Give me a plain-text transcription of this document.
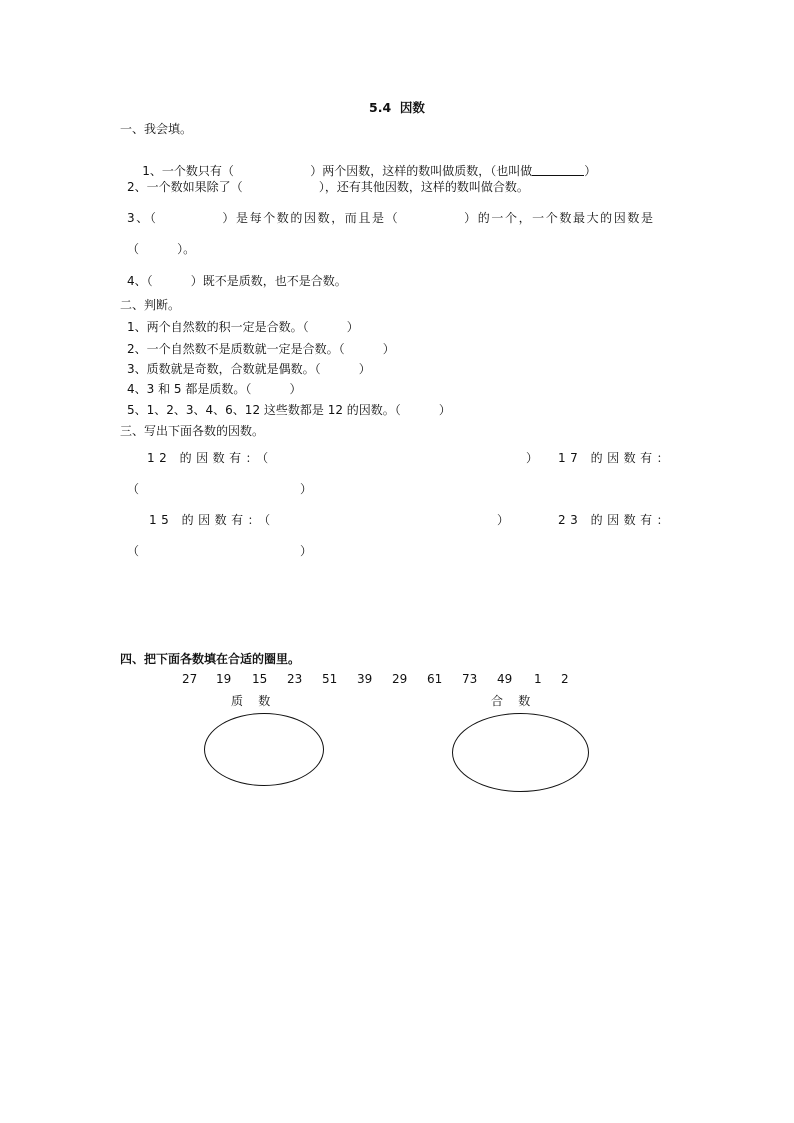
5.4  因数
一、我会填。

1、一个数只有（                    ）两个因数，这样的数叫做质数，（也叫做	）

2、一个数如果除了（                    ），还有其他因数，这样的数叫做合数。
3、（            ）是每个数的因数，而且是（            ）的一个，一个数最大的因数是
（          ）。
4、（          ）既不是质数，也不是合数。
二、判断。
1、两个自然数的积一定是合数。（          ）
2、一个自然数不是质数就一定是合数。（          ）
3、质数就是奇数，合数就是偶数。（          ）
4、3 和 5 都是质数。（          ）
5、1、2、3、4、6、12 这些数都是 12 的因数。（          ）
三、写出下面各数的因数。
12 的因数有：（	） 17 的因数有：
（	）
15 的因数有：（	）	23 的因数有：
（	）
四、把下面各数填在合适的圈里。
27 19 15 23 51 39 29 61 73 49 1 2
质    数	合    数
